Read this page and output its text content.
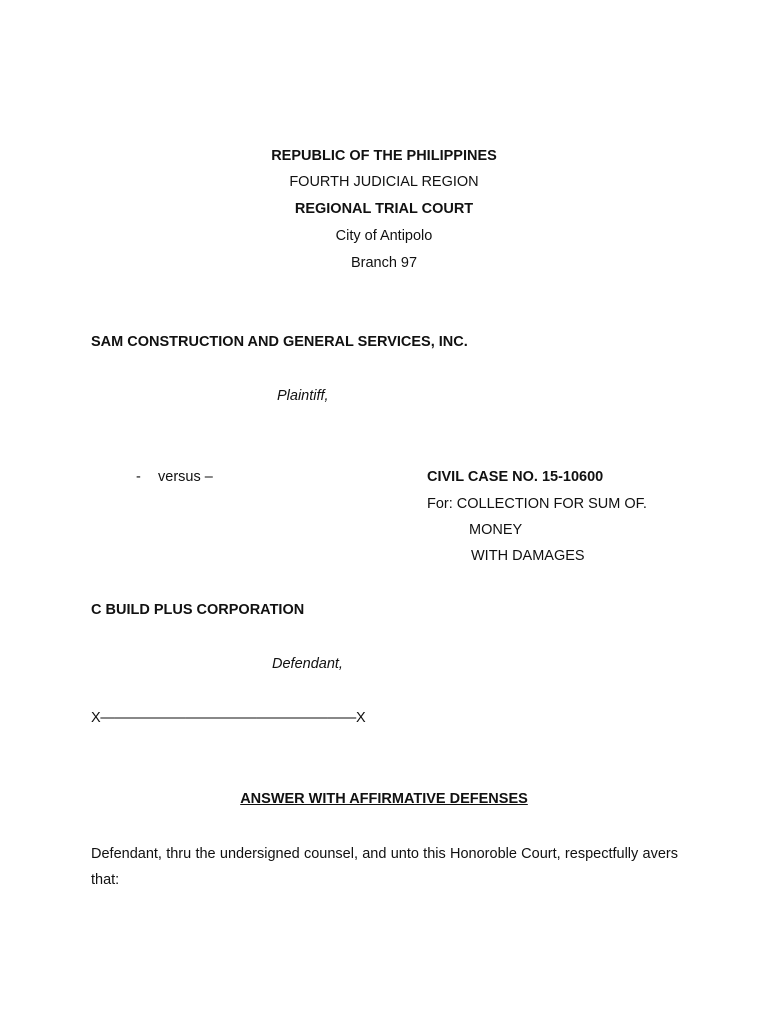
REPUBLIC OF THE PHILIPPINES
FOURTH JUDICIAL REGION
REGIONAL TRIAL COURT
City of Antipolo
Branch 97
SAM CONSTRUCTION AND GENERAL SERVICES, INC.
Plaintiff,
- versus –	CIVIL CASE NO. 15-10600
For: COLLECTION FOR SUM OF.
MONEY
WITH DAMAGES
C BUILD PLUS CORPORATION
Defendant,
X——————————————————X
ANSWER WITH AFFIRMATIVE DEFENSES
Defendant, thru the undersigned counsel, and unto this Honoroble Court, respectfully avers that:
